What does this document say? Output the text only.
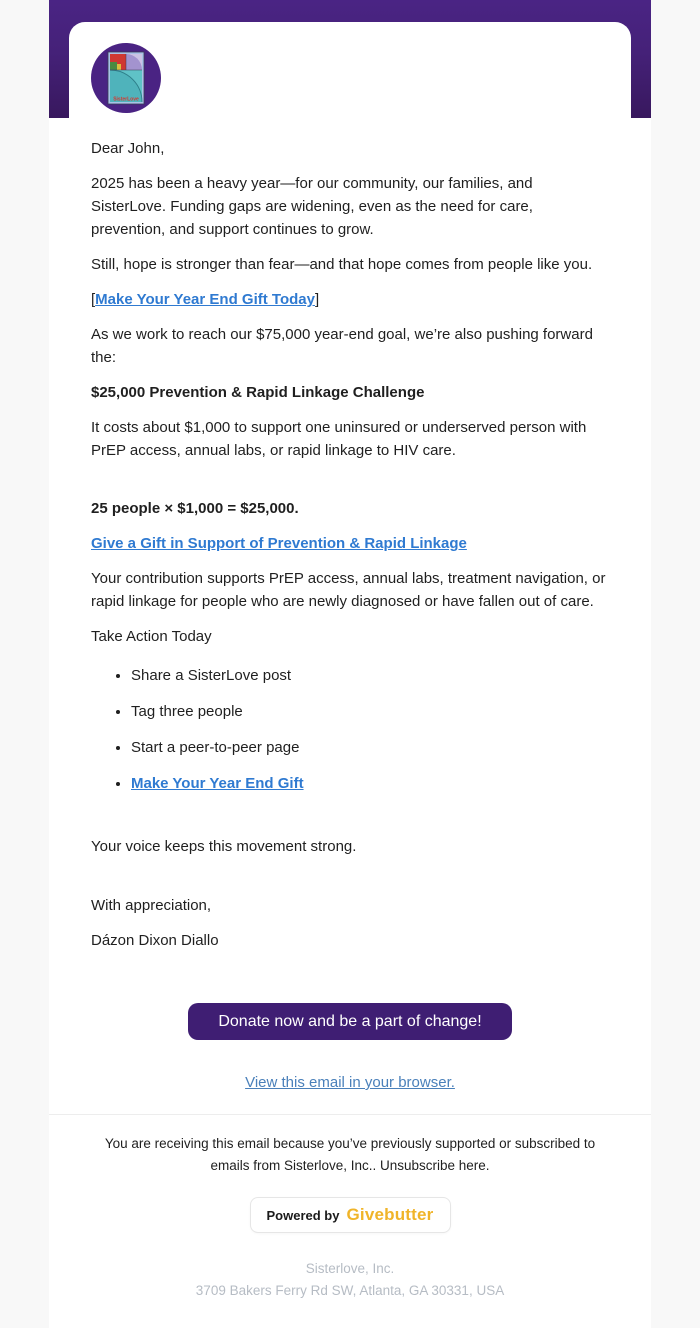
SisterLove

Dear John,

2025 has been a heavy year—for our community, our families, and SisterLove. Funding gaps are widening, even as the need for care, prevention, and support continues to grow.

Still, hope is stronger than fear—and that hope comes from people like you.

[Make Your Year End Gift Today]

As we work to reach our $75,000 year-end goal, we’re also pushing forward the:

$25,000 Prevention & Rapid Linkage Challenge

It costs about $1,000 to support one uninsured or underserved person with PrEP access, annual labs, or rapid linkage to HIV care.

25 people × $1,000 = $25,000.

Give a Gift in Support of Prevention & Rapid Linkage

Your contribution supports PrEP access, annual labs, treatment navigation, or rapid linkage for people who are newly diagnosed or have fallen out of care.

Take Action Today

• Share a SisterLove post
• Tag three people
• Start a peer-to-peer page
• Make Your Year End Gift

Your voice keeps this movement strong.

With appreciation,

Dázon Dixon Diallo

Donate now and be a part of change!
View this email in your browser.

You are receiving this email because you’ve previously supported or subscribed to
emails from Sisterlove, Inc.. Unsubscribe here.

Powered by Givebutter
Sisterlove, Inc.
3709 Bakers Ferry Rd SW, Atlanta, GA 30331, USA
